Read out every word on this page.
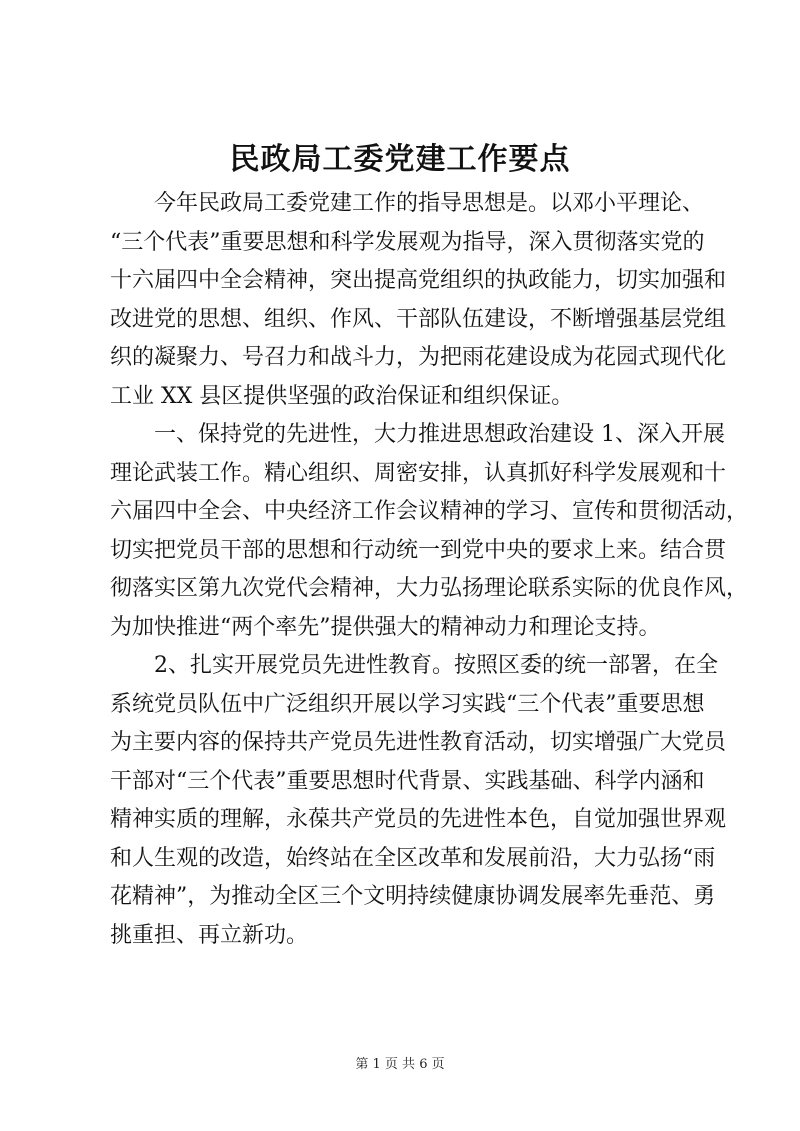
民政局工委党建工作要点
今年民政局工委党建工作的指导思想是。以邓小平理论、
“三个代表”重要思想和科学发展观为指导，深入贯彻落实党的
十六届四中全会精神，突出提高党组织的执政能力，切实加强和
改进党的思想、组织、作风、干部队伍建设，不断增强基层党组
织的凝聚力、号召力和战斗力，为把雨花建设成为花园式现代化
工业 XX 县区提供坚强的政治保证和组织保证。
一、保持党的先进性，大力推进思想政治建设 1、深入开展
理论武装工作。精心组织、周密安排，认真抓好科学发展观和十
六届四中全会、中央经济工作会议精神的学习、宣传和贯彻活动，
切实把党员干部的思想和行动统一到党中央的要求上来。结合贯
彻落实区第九次党代会精神，大力弘扬理论联系实际的优良作风，
为加快推进“两个率先”提供强大的精神动力和理论支持。
2、扎实开展党员先进性教育。按照区委的统一部署，在全
系统党员队伍中广泛组织开展以学习实践“三个代表”重要思想
为主要内容的保持共产党员先进性教育活动，切实增强广大党员
干部对“三个代表”重要思想时代背景、实践基础、科学内涵和
精神实质的理解，永葆共产党员的先进性本色，自觉加强世界观
和人生观的改造，始终站在全区改革和发展前沿，大力弘扬“雨
花精神”，为推动全区三个文明持续健康协调发展率先垂范、勇
挑重担、再立新功。
第 1 页 共 6 页
